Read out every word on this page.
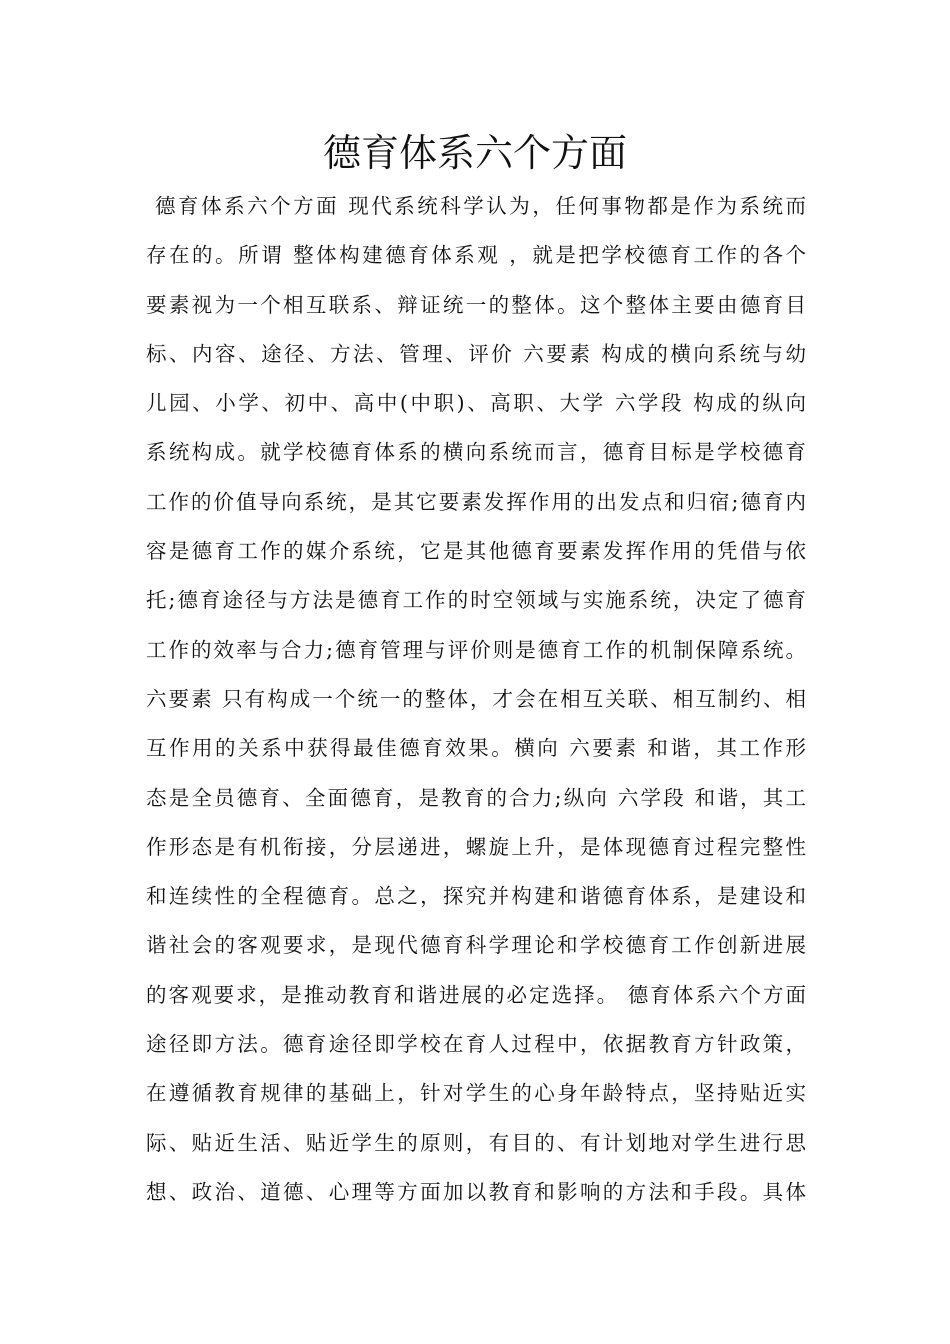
德育体系六个方面
德育体系六个方面 现代系统科学认为，任何事物都是作为系统而
存在的。所谓 整体构建德育体系观 ，就是把学校德育工作的各个
要素视为一个相互联系、辩证统一的整体。这个整体主要由德育目
标、内容、途径、方法、管理、评价 六要素 构成的横向系统与幼
儿园、小学、初中、高中(中职)、高职、大学 六学段 构成的纵向
系统构成。就学校德育体系的横向系统而言，德育目标是学校德育
工作的价值导向系统，是其它要素发挥作用的出发点和归宿;德育内
容是德育工作的媒介系统，它是其他德育要素发挥作用的凭借与依
托;德育途径与方法是德育工作的时空领域与实施系统，决定了德育
工作的效率与合力;德育管理与评价则是德育工作的机制保障系统。
六要素 只有构成一个统一的整体，才会在相互关联、相互制约、相
互作用的关系中获得最佳德育效果。横向 六要素 和谐，其工作形
态是全员德育、全面德育，是教育的合力;纵向 六学段 和谐，其工
作形态是有机衔接，分层递进，螺旋上升，是体现德育过程完整性
和连续性的全程德育。总之，探究并构建和谐德育体系，是建设和
谐社会的客观要求，是现代德育科学理论和学校德育工作创新进展
的客观要求，是推动教育和谐进展的必定选择。 德育体系六个方面
途径即方法。德育途径即学校在育人过程中，依据教育方针政策，
在遵循教育规律的基础上，针对学生的心身年龄特点，坚持贴近实
际、贴近生活、贴近学生的原则，有目的、有计划地对学生进行思
想、政治、道德、心理等方面加以教育和影响的方法和手段。具体
